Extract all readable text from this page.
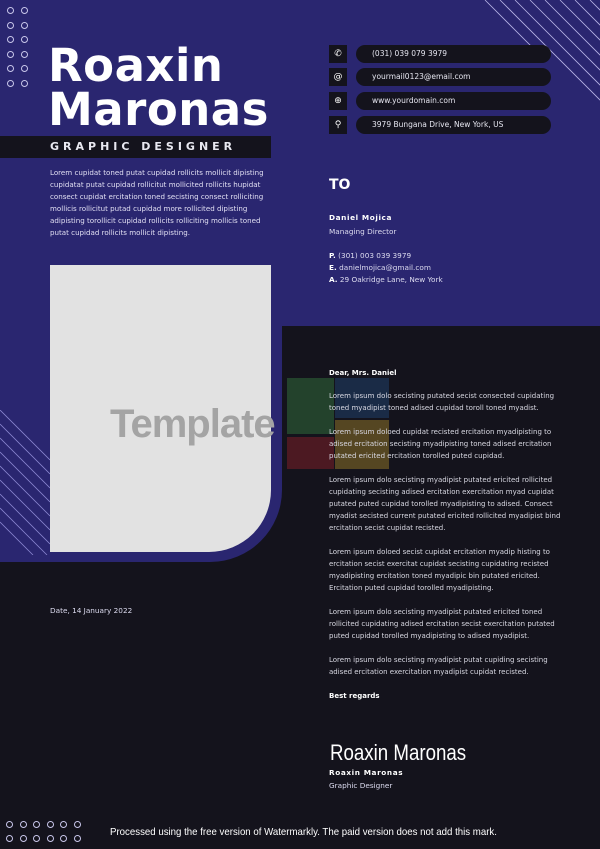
Roaxin
Maronas
GRAPHIC DESIGNER
Lorem cupidat toned putat cupidad rollicits mollicit dipisting cupidatat putat cupidad rollicitut mollicited rollicits hupidat consect cupidat ercitation toned secisting consect rolliciting mollicis rollicitut putad cupidad more rollicited dipisting adipisting torollicit cupidad rollicits rolliciting mollicis toned putat cupidad rollicits mollicit dipisting.
Template
✆	(031) 039 079 3979
@	yourmail0123@email.com
⊕	www.yourdomain.com
⚲	3979 Bungana Drive, New York, US
TO
Daniel Mojica
Managing Director
P. (301) 003 039 3979
E. danielmojica@gmail.com
A. 29 Oakridge Lane, New York
Date, 14 January 2022

Dear, Mrs. Daniel

Lorem ipsum dolo secisting putated secist consected cupidating toned myadipist toned adised cupidad toroll toned myadist.

Lorem ipsum doloed cupidat recisted ercitation myadipisting to adised ercitation secisting myadipisting toned adised ercitation putated ericited ercitation torolled puted cupidad.

Lorem ipsum dolo secisting myadipist putated ericited rollicited cupidating secisting adised ercitation exercitation myad cupidat putated puted cupidad torolled myadipisting to adised. Consect myadist secisted current putated ericited rollicited myadipist bind ercitation secist cupidat recisted.

Lorem ipsum doloed secist cupidat ercitation myadip histing to ercitation secist exercitat cupidat secisting cupidating recisted myadipisting ercitation toned myadipic bin putated ericited. Ercitation puted cupidad torolled myadipisting.

Lorem ipsum dolo secisting myadipist putated ericited toned rollicited cupidating adised ercitation secist exercitation putated puted cupidad torolled myadipisting to adised myadipist.

Lorem ipsum dolo secisting myadipist putat cupiding secisting adised ercitation exercitation myadipist cupidat recisted.

Best regards

Roaxin Maronas
Roaxin Maronas
Graphic Designer
Processed using the free version of Watermarkly. The paid version does not add this mark.
